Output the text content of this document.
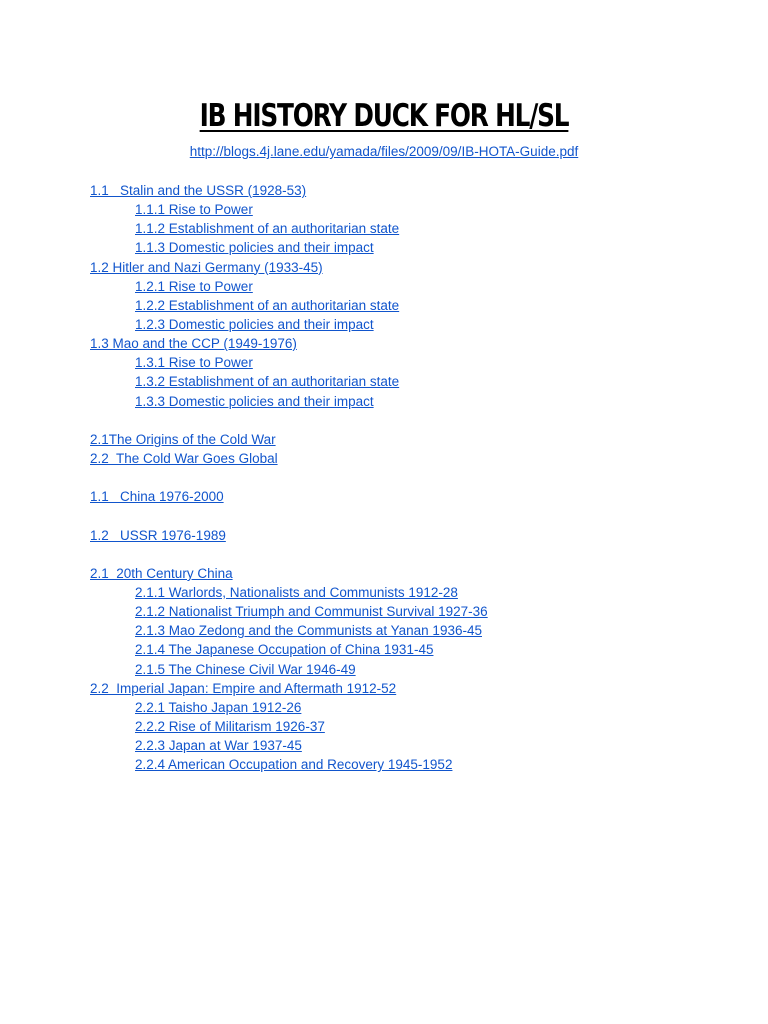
IB HISTORY DUCK FOR HL/SL
http://blogs.4j.lane.edu/yamada/files/2009/09/IB-HOTA-Guide.pdf
1.1   Stalin and the USSR (1928-53)
1.1.1 Rise to Power
1.1.2 Establishment of an authoritarian state
1.1.3 Domestic policies and their impact
1.2 Hitler and Nazi Germany (1933-45)
1.2.1 Rise to Power
1.2.2 Establishment of an authoritarian state
1.2.3 Domestic policies and their impact
1.3 Mao and the CCP (1949-1976)
1.3.1 Rise to Power
1.3.2 Establishment of an authoritarian state
1.3.3 Domestic policies and their impact
2.1The Origins of the Cold War
2.2  The Cold War Goes Global
1.1   China 1976-2000
1.2   USSR 1976-1989
2.1  20th Century China
2.1.1 Warlords, Nationalists and Communists 1912-28
2.1.2 Nationalist Triumph and Communist Survival 1927-36
2.1.3 Mao Zedong and the Communists at Yanan 1936-45
2.1.4 The Japanese Occupation of China 1931-45
2.1.5 The Chinese Civil War 1946-49
2.2  Imperial Japan: Empire and Aftermath 1912-52
2.2.1 Taisho Japan 1912-26
2.2.2 Rise of Militarism 1926-37
2.2.3 Japan at War 1937-45
2.2.4 American Occupation and Recovery 1945-1952
